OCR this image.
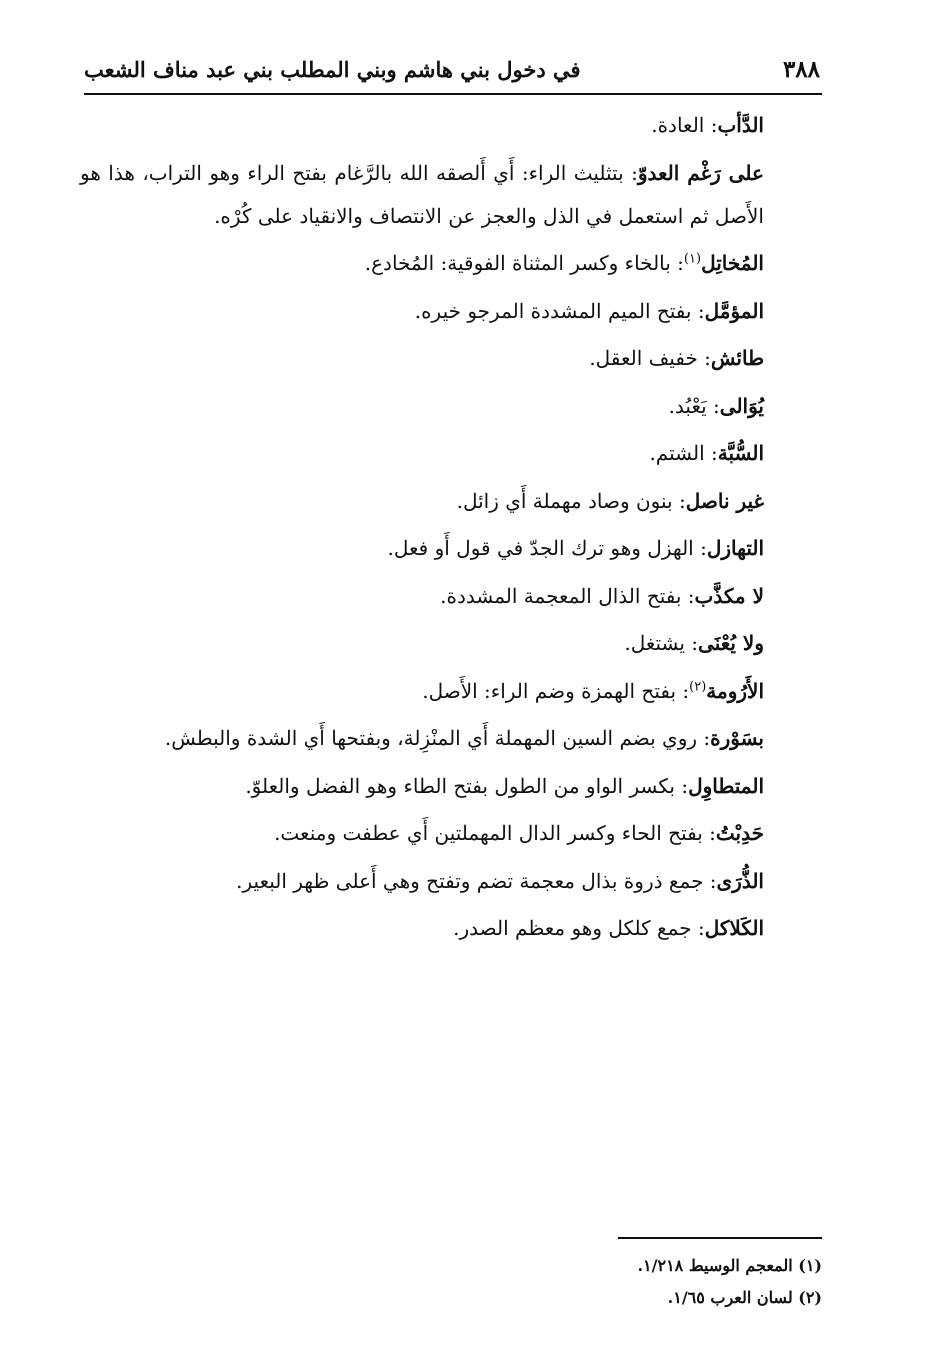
٣٨٨
في دخول بني هاشم وبني المطلب بني عبد مناف الشعب

الدَّأب: العادة.

على رَغْم العدوّ: بتثليث الراء: أَي أَلصقه الله بالرَّغام بفتح الراء وهو التراب، هذا هو الأَصل ثم استعمل في الذل والعجز عن الانتصاف والانقياد على كُرْه.

المُخاتِل$^{(١)}$: بالخاء وكسر المثناة الفوقية: المُخادع.

المؤمَّل: بفتح الميم المشددة المرجو خيره.

طائش: خفيف العقل.

يُوَالى: يَعْبُد.

السُّبَّة: الشتم.

غير ناصل: بنون وصاد مهملة أَي زائل.

التهازل: الهزل وهو ترك الجدّ في قول أَو فعل.

لا مكذَّب: بفتح الذال المعجمة المشددة.

ولا يُعْنَى: يشتغل.

الأَرُومة$^{(٢)}$: بفتح الهمزة وضم الراء: الأَصل.

بسَوْرة: روي بضم السين المهملة أَي المنْزِلة، وبفتحها أَي الشدة والبطش.

المتطاوِل: بكسر الواو من الطول بفتح الطاء وهو الفضل والعلوّ.

حَدِبْتُ: بفتح الحاء وكسر الدال المهملتين أَي عطفت ومنعت.

الذُّرَى: جمع ذروة بذال معجمة تضم وتفتح وهي أَعلى ظهر البعير.

الكَلاكل: جمع كلكل وهو معظم الصدر.

(١) المعجم الوسيط ١/٢١٨.

(٢) لسان العرب ١/٦٥.
